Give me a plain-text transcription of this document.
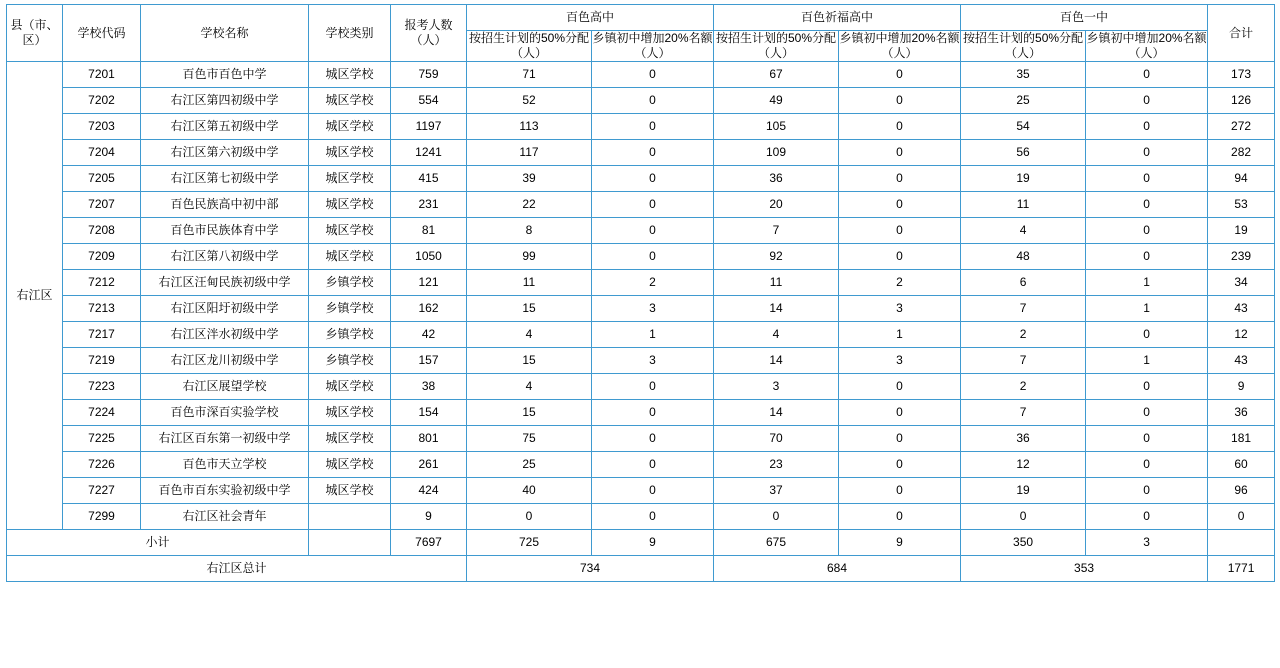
县（市、区）	学校代码	学校名称	学校类别	报考人数（人）	百色高中		百色祈福高中		百色一中		合计
					按招生计划的50%分配（人）	乡镇初中增加20%名额（人）	按招生计划的50%分配（人）	乡镇初中增加20%名额（人）	按招生计划的50%分配（人）	乡镇初中增加20%名额（人）	
右江区	7201	百色市百色中学	城区学校	759	71	0	67	0	35	0	173
	7202	右江区第四初级中学	城区学校	554	52	0	49	0	25	0	126
	7203	右江区第五初级中学	城区学校	1197	113	0	105	0	54	0	272
	7204	右江区第六初级中学	城区学校	1241	117	0	109	0	56	0	282
	7205	右江区第七初级中学	城区学校	415	39	0	36	0	19	0	94
	7207	百色民族高中初中部	城区学校	231	22	0	20	0	11	0	53
	7208	百色市民族体育中学	城区学校	81	8	0	7	0	4	0	19
	7209	右江区第八初级中学	城区学校	1050	99	0	92	0	48	0	239
	7212	右江区汪甸民族初级中学	乡镇学校	121	11	2	11	2	6	1	34
	7213	右江区阳圩初级中学	乡镇学校	162	15	3	14	3	7	1	43
	7217	右江区泮水初级中学	乡镇学校	42	4	1	4	1	2	0	12
	7219	右江区龙川初级中学	乡镇学校	157	15	3	14	3	7	1	43
	7223	右江区展望学校	城区学校	38	4	0	3	0	2	0	9
	7224	百色市深百实验学校	城区学校	154	15	0	14	0	7	0	36
	7225	右江区百东第一初级中学	城区学校	801	75	0	70	0	36	0	181
	7226	百色市天立学校	城区学校	261	25	0	23	0	12	0	60
	7227	百色市百东实验初级中学	城区学校	424	40	0	37	0	19	0	96
	7299	右江区社会青年		9	0	0	0	0	0	0	0
小计				7697	725	9	675	9	350	3	
右江区总计					734		684		353		1771
